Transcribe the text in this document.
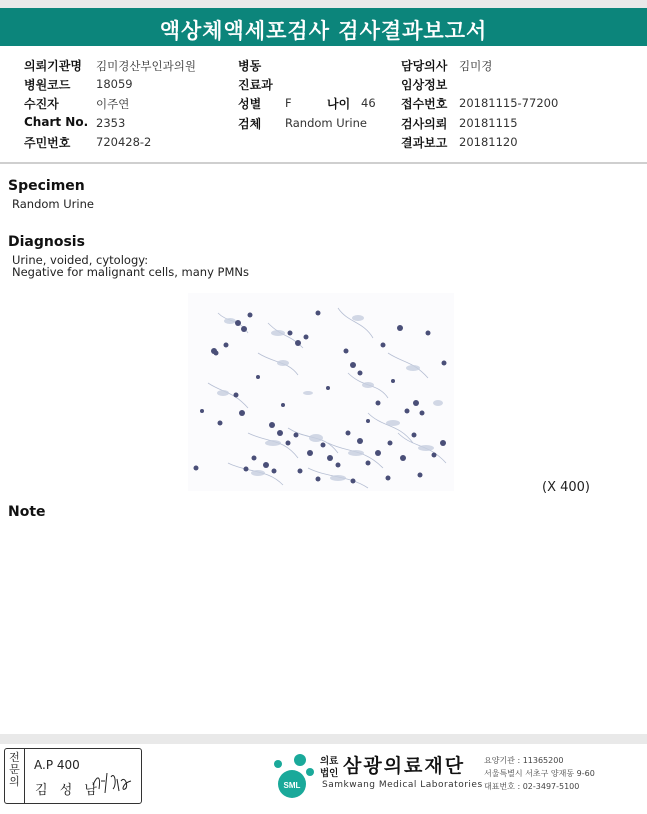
액상체액세포검사 검사결과보고서
의뢰기관명 김미경산부인과의원
병원코드 18059
수진자	이주연
Chart No. 2353
주민번호 720428-2
병동
진료과
성별 F	나이 46
검체 Random Urine
담당의사 김미경
임상정보
접수번호 20181115-77200
검사의뢰 20181115
결과보고 20181120
Specimen
Random Urine
Diagnosis
Urine, voided, cytology:
Negative for malignant cells, many PMNs
(X 400)
Note
전문의
A.P 400
김 성 남	SML
의료
법인 삼광의료재단
Samkwang Medical Laboratories
요양기관 : 11365200
서울특별시 서초구 양재동 9-60
대표번호 : 02-3497-5100
